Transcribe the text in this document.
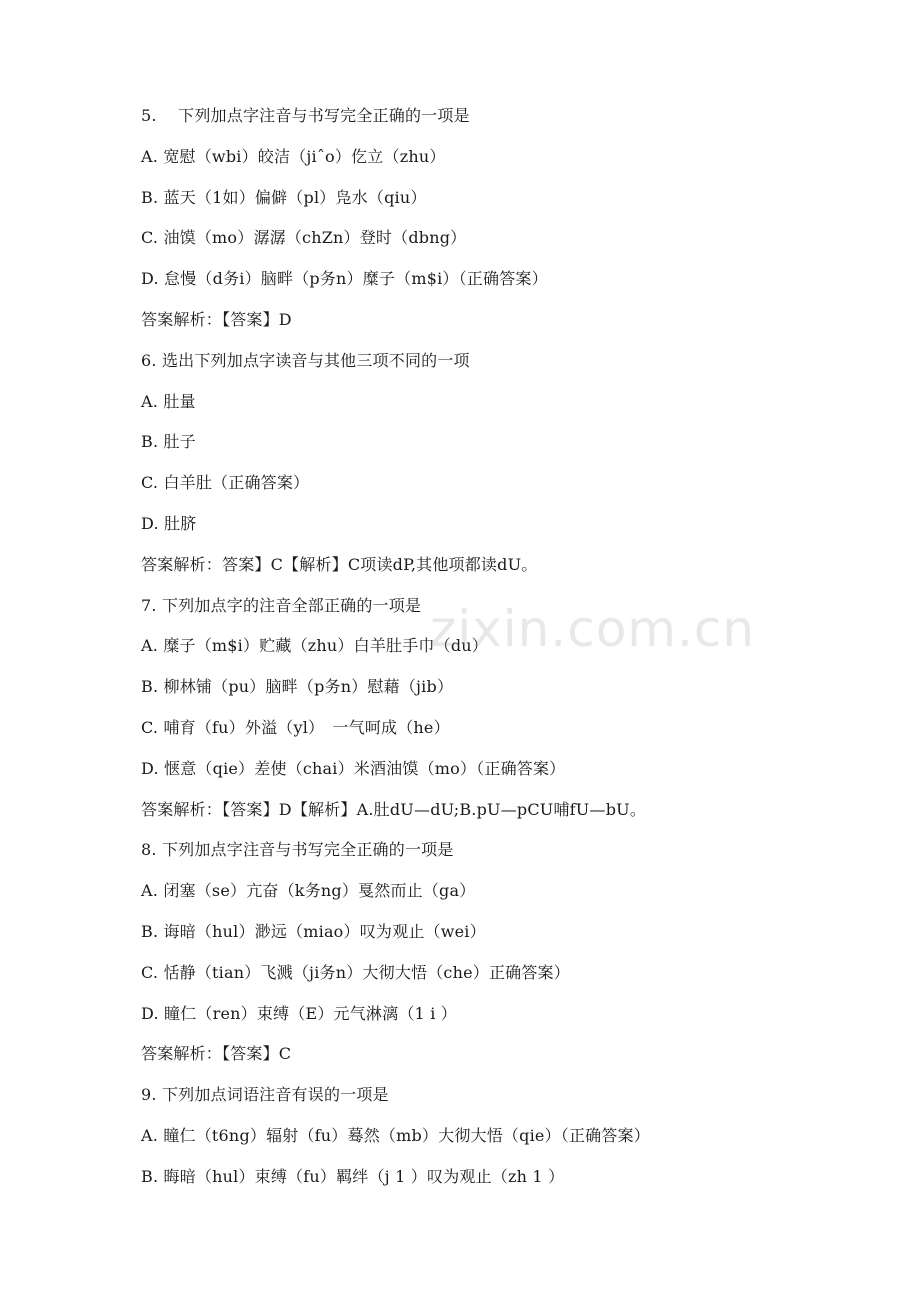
5.　 下列加点字注音与书写完全正确的一项是
A. 宽慰（wbi）皎洁（jiˆo）仡立（zhu）
B. 蓝天（1如）偏僻（pl）凫水（qiu）
C. 油馍（mo）潺潺（chZn）登时（dbng）
D. 怠慢（d务i）脑畔（p务n）糜子（m$i）（正确答案）
答案解析：【答案】D
6. 选出下列加点字读音与其他三项不同的一项
A. 肚量
B. 肚子
C. 白羊肚（正确答案）
D. 肚脐
答案解析：答案】C【解析】C项读dP,其他项都读dU。
7. 下列加点字的注音全部正确的一项是
A. 糜子（m$i）贮藏（zhu）白羊肚手巾（du）
B. 柳林铺（pu）脑畔（p务n）慰藉（jib）
C. 哺育（fu）外溢（yl）　一气呵成（he）
D. 惬意（qie）差使（chai）米酒油馍（mo）（正确答案）
答案解析：【答案】D【解析】A.肚dU—dU;B.pU—pCU哺fU—bU。
8. 下列加点字注音与书写完全正确的一项是
A. 闭塞（se）亢奋（k务ng）戛然而止（ga）
B. 诲暗（hul）渺远（miao）叹为观止（wei）
C. 恬静（tian）飞溅（ji务n）大彻大悟（che）正确答案）
D. 瞳仁（ren）束缚（E）元气淋漓（1 i ）
答案解析：【答案】C
9. 下列加点词语注音有误的一项是
A. 瞳仁（t6ng）辐射（fu）蓦然（mb）大彻大悟（qie）（正确答案）
B. 晦暗（hul）束缚（fu）羁绊（j 1 ）叹为观止（zh 1 ）
zixin.com.cn
